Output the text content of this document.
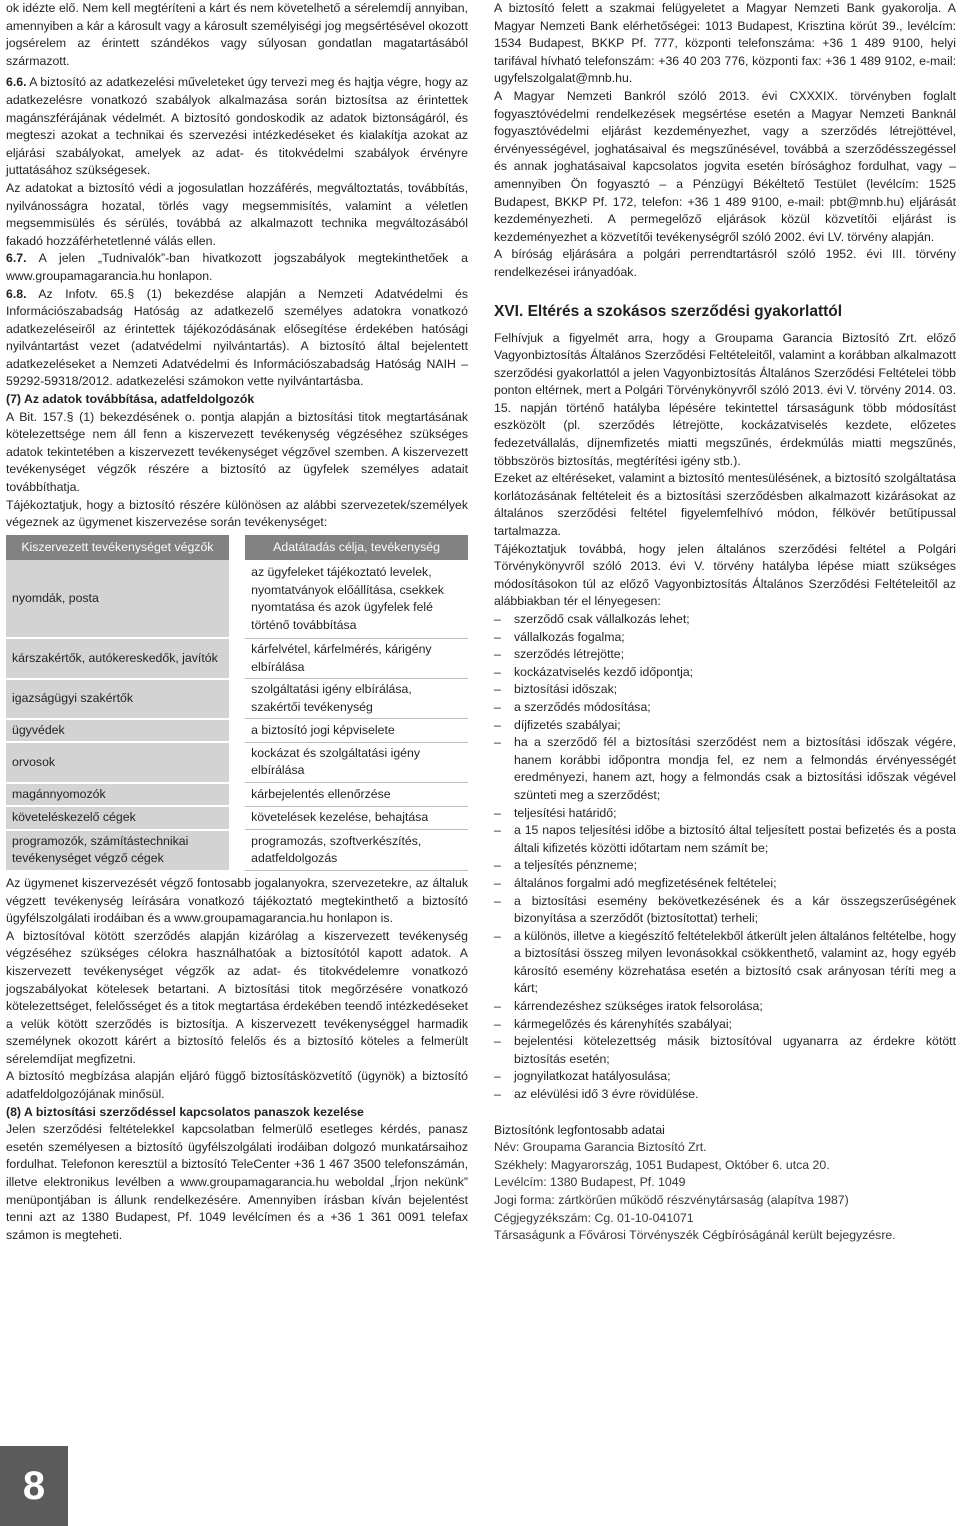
ok idézte elő. Nem kell megtéríteni a kárt és nem követelhető a sérelemdíj annyiban, amennyiben a kár a károsult vagy a károsult személyiségi jog megsértésével okozott jogsérelem az érintett szándékos vagy súlyosan gondatlan magatartásából származott.

6.6. A biztosító az adatkezelési műveleteket úgy tervezi meg és hajtja végre, hogy az adatkezelésre vonatkozó szabályok alkalmazása során biztosítsa az érintettek magánszférájának védelmét. A biztosító gondoskodik az adatok biztonságáról, és megteszi azokat a technikai és szervezési intézkedéseket és kialakítja azokat az eljárási szabályokat, amelyek az adat- és titokvédelmi szabályok érvényre juttatásához szükségesek.

Az adatokat a biztosító védi a jogosulatlan hozzáférés, megváltoztatás, továbbítás, nyilvánosságra hozatal, törlés vagy megsemmisítés, valamint a véletlen megsemmisülés és sérülés, továbbá az alkalmazott technika megváltozásából fakadó hozzáférhetetlenné válás ellen.

6.7. A jelen „Tudnivalók”-ban hivatkozott jogszabályok megtekinthetőek a www.groupamagarancia.hu honlapon.

6.8. Az Infotv. 65.§ (1) bekezdése alapján a Nemzeti Adatvédelmi és Információszabadság Hatóság az adatkezelő személyes adatokra vonatkozó adatkezeléseiről az érintettek tájékozódásának elősegítése érdekében hatósági nyilvántartást vezet (adatvédelmi nyilvántartás). A biztosító által bejelentett adatkezeléseket a Nemzeti Adatvédelmi és Információszabadság Hatóság NAIH – 59292-59318/2012. adatkezelési számokon vette nyilvántartásba.

(7) Az adatok továbbítása, adatfeldolgozók

A Bit. 157.§ (1) bekezdésének o. pontja alapján a biztosítási titok megtartásának kötelezettsége nem áll fenn a kiszervezett tevékenység végzéséhez szükséges adatok tekintetében a kiszervezett tevékenységet végzővel szemben. A kiszervezett tevékenységet végzők részére a biztosító az ügyfelek személyes adatait továbbíthatja.

Tájékoztatjuk, hogy a biztosító részére különösen az alábbi szervezetek/személyek végeznek az ügymenet kiszervezése során tevékenységet:

Kiszervezett tevékenységet végzők		Adatátadás célja, tevékenység
nyomdák, posta		az ügyfeleket tájékoztató levelek, nyomtatványok előállítása, csekkek nyomtatása és azok ügyfelek felé történő továbbítása
kárszakértők, autókereskedők, javítók		kárfelvétel, kárfelmérés, kárigény elbírálása
igazságügyi szakértők		szolgáltatási igény elbírálása, szakértői tevékenység
ügyvédek		a biztosító jogi képviselete
orvosok		kockázat és szolgáltatási igény elbírálása
magánnyomozók		kárbejelentés ellenőrzése
követeléskezelő cégek		követelések kezelése, behajtása
programozók, számítástechnikai tevékenységet végző cégek		programozás, szoftverkészítés, adatfeldolgozás

Az ügymenet kiszervezését végző fontosabb jogalanyokra, szervezetekre, az általuk végzett tevékenység leírására vonatkozó tájékoztató megtekinthető a biztosító ügyfélszolgálati irodáiban és a www.groupamagarancia.hu honlapon is.

A biztosítóval kötött szerződés alapján kizárólag a kiszervezett tevékenység végzéséhez szükséges célokra használhatóak a biztosítótól kapott adatok. A kiszervezett tevékenységet végzők az adat- és titokvédelemre vonatkozó jogszabályokat kötelesek betartani. A biztosítási titok megőrzésére vonatkozó kötelezettséget, felelősséget és a titok megtartása érdekében teendő intézkedéseket a velük kötött szerződés is biztosítja. A kiszervezett tevékenységgel harmadik személynek okozott kárért a biztosító felelős és a biztosító köteles a felmerült sérelemdíjat megfizetni.

A biztosító megbízása alapján eljáró függő biztosításközvetítő (ügynök) a biztosító adatfeldolgozójának minősül.

(8) A biztosítási szerződéssel kapcsolatos panaszok kezelése

Jelen szerződési feltételekkel kapcsolatban felmerülő esetleges kérdés, panasz esetén személyesen a biztosító ügyfélszolgálati irodáiban dolgozó munkatársaihoz fordulhat. Telefonon keresztül a biztosító TeleCenter +36 1 467 3500 telefonszámán, illetve elektronikus levélben a www.groupamagarancia.hu weboldal „Írjon nekünk” menüpontjában is állunk rendelkezésére. Amennyiben írásban kíván bejelentést tenni azt az 1380 Budapest, Pf. 1049 levélcímen és a +36 1 361 0091 telefax számon is megteheti.

A biztosító felett a szakmai felügyeletet a Magyar Nemzeti Bank gyakorolja. A Magyar Nemzeti Bank elérhetőségei: 1013 Budapest, Krisztina körút 39., levélcím: 1534 Budapest, BKKP Pf. 777, központi telefonszáma: +36 1 489 9100, helyi tarifával hívható telefonszám: +36 40 203 776, központi fax: +36 1 489 9102, e-mail: ugyfelszolgalat@mnb.hu.

A Magyar Nemzeti Bankról szóló 2013. évi CXXXIX. törvényben foglalt fogyasztóvédelmi rendelkezések megsértése esetén a Magyar Nemzeti Banknál fogyasztóvédelmi eljárást kezdeményezhet, vagy a szerződés létrejöttével, érvényességével, joghatásaival és megszűnésével, továbbá a szerződésszegéssel és annak joghatásaival kapcsolatos jogvita esetén bírósághoz fordulhat, vagy – amennyiben Ön fogyasztó – a Pénzügyi Békéltető Testület (levélcím: 1525 Budapest, BKKP Pf. 172, telefon: +36 1 489 9100, e-mail: pbt@mnb.hu) eljárását kezdeményezheti. A permegelőző eljárások közül közvetítői eljárást is kezdeményezhet a közvetítői tevékenységről szóló 2002. évi LV. törvény alapján.

A bíróság eljárására a polgári perrendtartásról szóló 1952. évi III. törvény rendelkezései irányadóak.

XVI. Eltérés a szokásos szerződési gyakorlattól

Felhívjuk a figyelmét arra, hogy a Groupama Garancia Biztosító Zrt. előző Vagyonbiztosítás Általános Szerződési Feltételeitől, valamint a korábban alkalmazott szerződési gyakorlattól a jelen Vagyonbiztosítás Általános Szerződési Feltételei több ponton eltérnek, mert a Polgári Törvénykönyvről szóló 2013. évi V. törvény 2014. 03. 15. napján történő hatályba lépésére tekintettel társaságunk több módosítást eszközölt (pl. szerződés létrejötte, kockázatviselés kezdete, előzetes fedezetvállalás, díjnemfizetés miatti megszűnés, érdekmúlás miatti megszűnés, többszörös biztosítás, megtérítési igény stb.).

Ezeket az eltéréseket, valamint a biztosító mentesülésének, a biztosító szolgáltatása korlátozásának feltételeit és a biztosítási szerződésben alkalmazott kizárásokat az általános szerződési feltétel figyelemfelhívó módon, félkövér betűtípussal tartalmazza.

Tájékoztatjuk továbbá, hogy jelen általános szerződési feltétel a Polgári Törvénykönyvről szóló 2013. évi V. törvény hatályba lépése miatt szükséges módosításokon túl az előző Vagyonbiztosítás Általános Szerződési Feltételeitől az alábbiakban tér el lényegesen:

– szerződő csak vállalkozás lehet;
– vállalkozás fogalma;
– szerződés létrejötte;
– kockázatviselés kezdő időpontja;
– biztosítási időszak;
– a szerződés módosítása;
– díjfizetés szabályai;
– ha a szerződő fél a biztosítási szerződést nem a biztosítási időszak végére, hanem korábbi időpontra mondja fel, ez nem a felmondás érvényességét eredményezi, hanem azt, hogy a felmondás csak a biztosítási időszak végével szünteti meg a szerződést;
– teljesítési határidő;
– a 15 napos teljesítési időbe a biztosító által teljesített postai befizetés és a posta általi kifizetés közötti időtartam nem számít be;
– a teljesítés pénzneme;
– általános forgalmi adó megfizetésének feltételei;
– a biztosítási esemény bekövetkezésének és a kár összegszerűségének bizonyítása a szerződőt (biztosítottat) terheli;
– a különös, illetve a kiegészítő feltételekből átkerült jelen általános feltételbe, hogy a biztosítási összeg milyen levonásokkal csökkenthető, valamint az, hogy egyéb károsító esemény közrehatása esetén a biztosító csak arányosan téríti meg a kárt;
– kárrendezéshez szükséges iratok felsorolása;
– kármegelőzés és kárenyhítés szabályai;
– bejelentési kötelezettség másik biztosítóval ugyanarra az érdekre kötött biztosítás esetén;
– jognyilatkozat hatályosulása;
– az elévülési idő 3 évre rövidülése.

Biztosítónk legfontosabb adatai

Név: Groupama Garancia Biztosító Zrt.

Székhely: Magyarország, 1051 Budapest, Október 6. utca 20.

Levélcím: 1380 Budapest, Pf. 1049

Jogi forma: zártkörűen működő részvénytársaság (alapítva 1987)

Cégjegyzékszám: Cg. 01-10-041071

Társaságunk a Fővárosi Törvényszék Cégbíróságánál került bejegyzésre.

8
